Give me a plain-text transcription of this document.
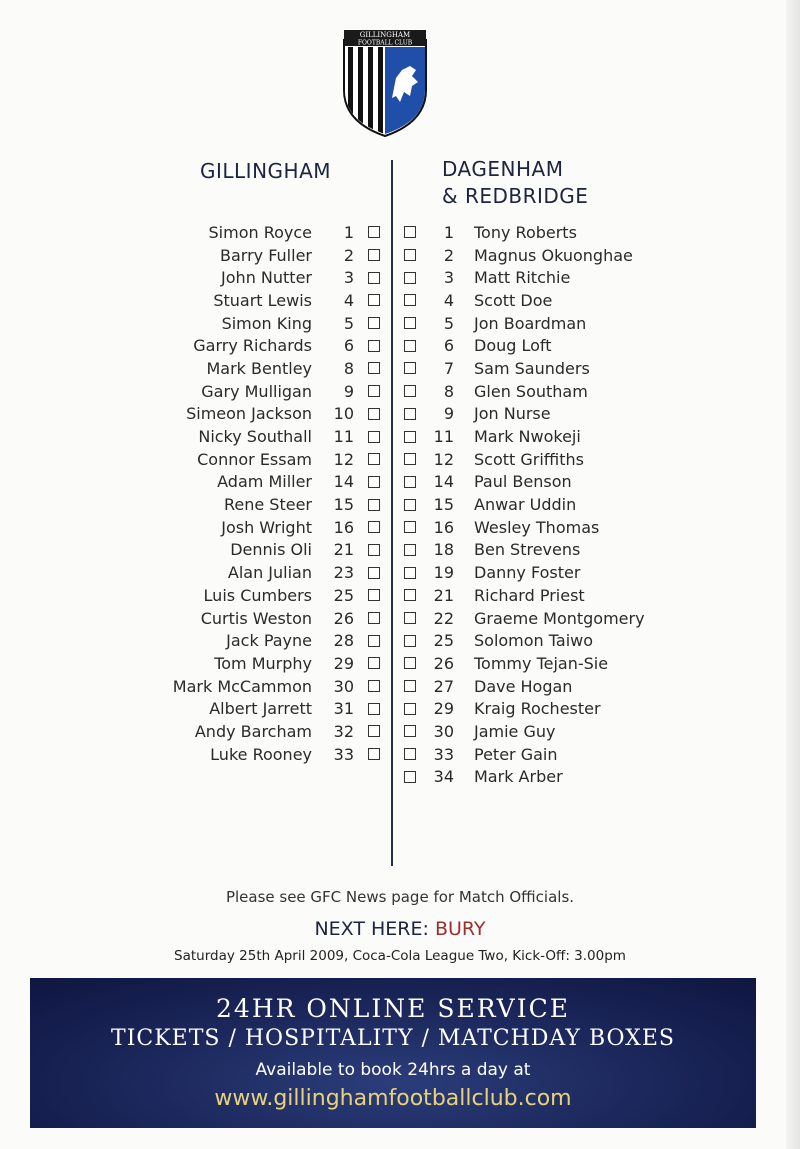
GILLINGHAM
FOOTBALL CLUB
GILLINGHAM	DAGENHAM
& REDBRIDGE
Simon Royce	1
Barry Fuller	2
John Nutter	3
Stuart Lewis	4
Simon King	5
Garry Richards	6
Mark Bentley	8
Gary Mulligan	9
Simeon Jackson	10
Nicky Southall	11
Connor Essam	12
Adam Miller	14
Rene Steer	15
Josh Wright	16
Dennis Oli	21
Alan Julian	23
Luis Cumbers	25
Curtis Weston	26
Jack Payne	28
Tom Murphy	29
Mark McCammon	30
Albert Jarrett	31
Andy Barcham	32
Luke Rooney	33
1 Tony Roberts
2 Magnus Okuonghae
3 Matt Ritchie
4 Scott Doe
5 Jon Boardman
6 Doug Loft
7 Sam Saunders
8 Glen Southam
9 Jon Nurse
11 Mark Nwokeji
12 Scott Griffiths
14 Paul Benson
15 Anwar Uddin
16 Wesley Thomas
18 Ben Strevens
19 Danny Foster
21 Richard Priest
22 Graeme Montgomery
25 Solomon Taiwo
26 Tommy Tejan-Sie
27 Dave Hogan
29 Kraig Rochester
30 Jamie Guy
33 Peter Gain
34 Mark Arber
Please see GFC News page for Match Officials.
NEXT HERE: BURY
Saturday 25th April 2009, Coca-Cola League Two, Kick-Off: 3.00pm
24HR ONLINE SERVICE
TICKETS / HOSPITALITY / MATCHDAY BOXES
Available to book 24hrs a day at
www.gillinghamfootballclub.com
